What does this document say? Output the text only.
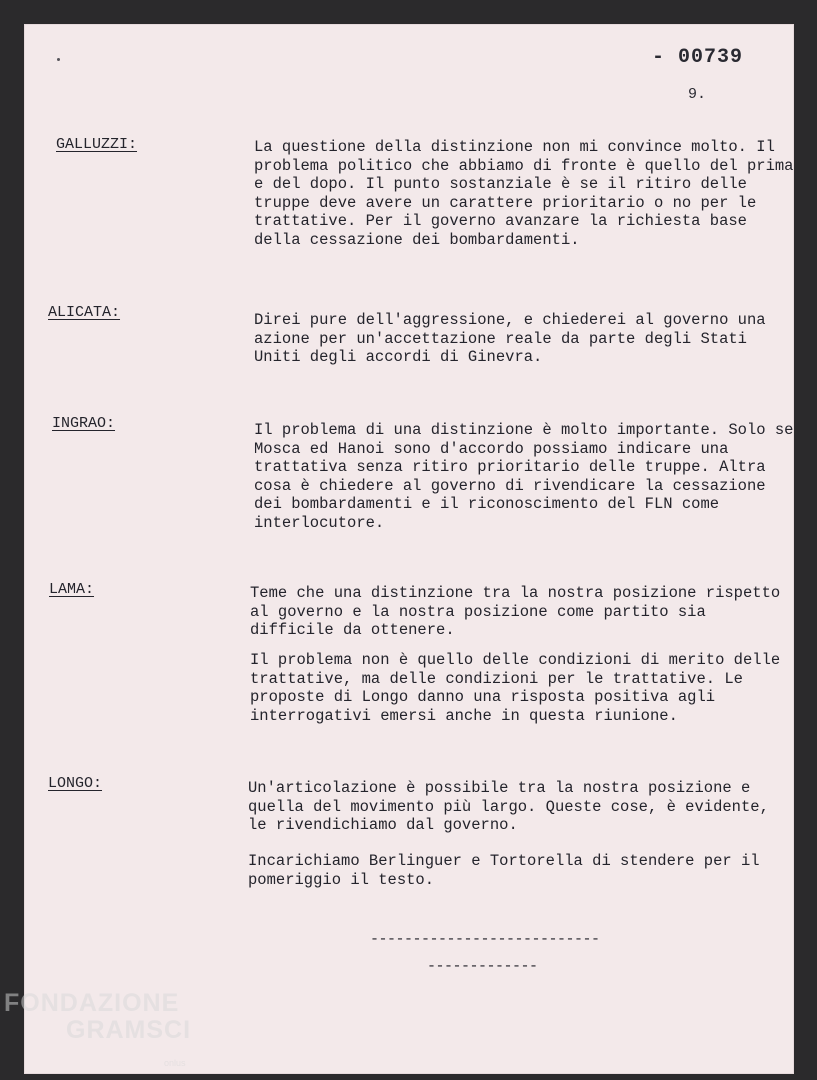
- 00739
9.
GALLUZZI:	La questione della distinzione non mi convince molto. Il problema politico che abbiamo di fronte è quello del prima e del dopo. Il punto sostanziale è se il ritiro delle truppe deve avere un carattere prioritario o no per le trattative. Per il governo avanzare la richiesta base della cessazione dei bombardamenti.

ALICATA:	Direi pure dell'aggressione, e chiederei al governo una azione per un'accettazione reale da parte degli Stati Uniti degli accordi di Ginevra.

INGRAO:	Il problema di una distinzione è molto importante. Solo se Mosca ed Hanoi sono d'accordo possiamo indicare una trattativa senza ritiro prioritario delle truppe. Altra cosa è chiedere al governo di rivendicare la cessazione dei bombardamenti e il riconoscimento del FLN come interlocutore.

LAMA:	Teme che una distinzione tra la nostra posizione rispetto al governo e la nostra posizione come partito sia difficile da ottenere.

Il problema non è quello delle condizioni di merito delle trattative, ma delle condizioni per le trattative. Le proposte di Longo danno una risposta positiva agli interrogativi emersi anche in questa riunione.

LONGO:	Un'articolazione è possibile tra la nostra posizione e quella del movimento più largo. Queste cose, è evidente, le rivendichiamo dal governo.

Incarichiamo Berlinguer e Tortorella di stendere per il pomeriggio il testo.

---------------------------
-------------
FONDAZIONE
GRAMSCI
onlus
